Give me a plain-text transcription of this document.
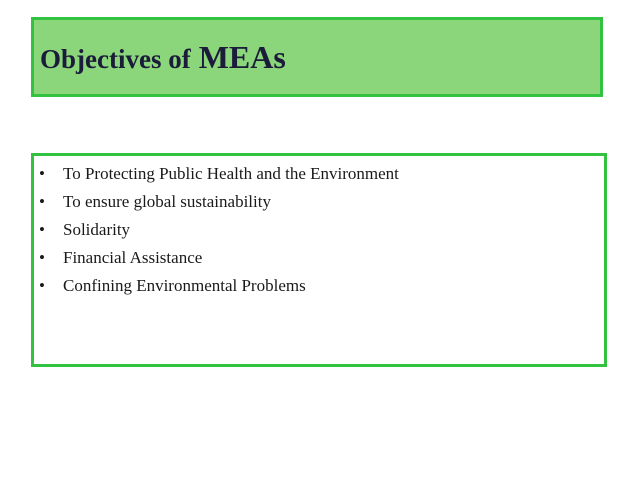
Objectives of MEAs
•	To Protecting Public Health and the Environment
•	To ensure global sustainability
•	Solidarity
•	Financial Assistance
•	Confining Environmental Problems
